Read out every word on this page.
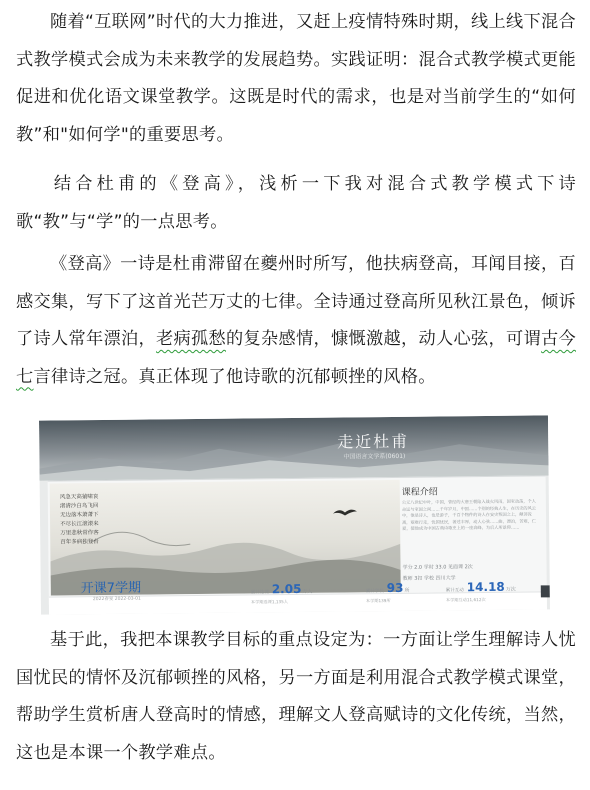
随着“互联网”时代的大力推进，又赶上疫情特殊时期，线上线下混合式教学模式会成为未来教学的发展趋势。实践证明：混合式教学模式更能促进和优化语文课堂教学。这既是时代的需求，也是对当前学生的“如何教”和"如何学"的重要思考。

结合杜甫的《登高》，浅析一下我对混合式教学模式下诗歌“教”与“学”的一点思考。

《登高》一诗是杜甫滞留在夔州时所写，他扶病登高，耳闻目接，百感交集，写下了这首光芒万丈的七律。全诗通过登高所见秋江景色，倾诉了诗人常年漂泊，老病孤愁的复杂感情，慷慨激越，动人心弦，可谓古今七言律诗之冠。真正体现了他诗歌的沉郁顿挫的风格。

走近杜甫
中国语言文学系(0601)
风急天高猿啸哀
渚清沙白鸟飞回
无边落木萧萧下
不尽长江滚滚来
万里悲秋常作客
百年多病独登台
课程介绍
公元八世纪中叶，中国，曾经的大唐王朝陷入战火风雨，国家动荡，个人命运与家国之间……千年岁月，中国……个别的经典人生，在历史的风云中，他是诗人，也是游子，千百个物件的诗人在安史叛国之上，颠沛流离，艰难行走，忧国忧民，著述丰厚，动人心弦……曲，漂泊，苦难，仁爱，使他成为中国古典诗歌史上的一座高峰，为后人所景仰……
学分 2.0 学时 33.0 见面课 2次
教师 3扣 学校 四川大学
开课7学期
2022春夏 2022-03-01
累计选课 2.05万人
本学期选课1,135人
累计学校 93所
本学期139所
累计互动 14.18万次
本学期互动11,612次

基于此，我把本课教学目标的重点设定为：一方面让学生理解诗人忧国忧民的情怀及沉郁顿挫的风格，另一方面是利用混合式教学模式课堂，帮助学生赏析唐人登高时的情感，理解文人登高赋诗的文化传统，当然，这也是本课一个教学难点。
